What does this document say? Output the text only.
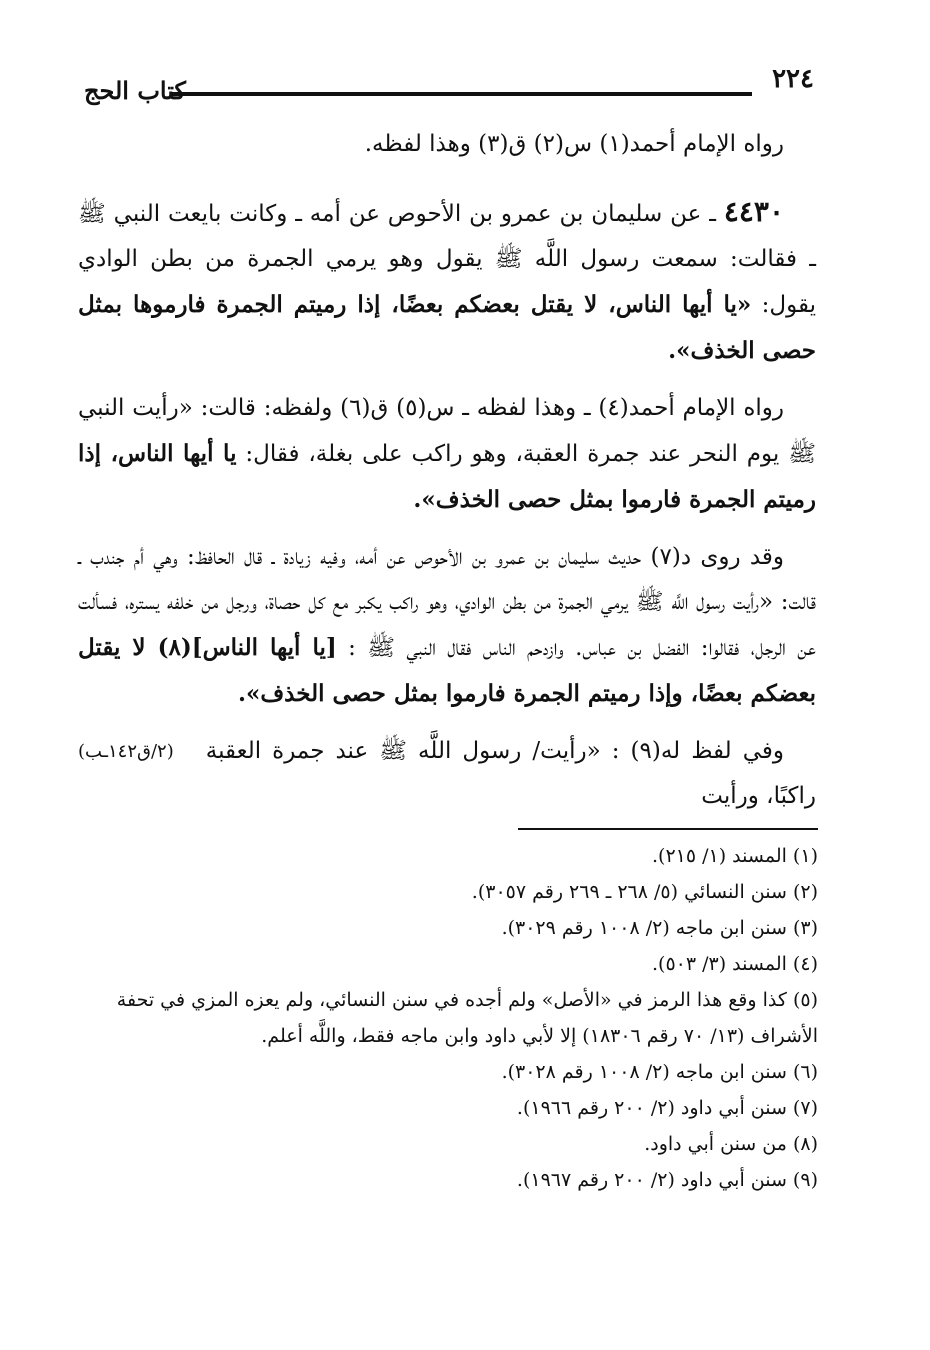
٢٢٤
كتاب الحج

رواه الإمام أحمد(١) س(٢) ق(٣) وهذا لفظه.

٤٤٣٠ ـ عن سليمان بن عمرو بن الأحوص عن أمه ـ وكانت بايعت النبي ﷺ ـ فقالت: سمعت رسول اللَّه ﷺ يقول وهو يرمي الجمرة من بطن الوادي يقول: «يا أيها الناس، لا يقتل بعضكم بعضًا، إذا رميتم الجمرة فارموها بمثل حصى الخذف».

رواه الإمام أحمد(٤) ـ وهذا لفظه ـ س(٥) ق(٦) ولفظه: قالت: «رأيت النبي ﷺ يوم النحر عند جمرة العقبة، وهو راكب على بغلة، فقال: يا أيها الناس، إذا رميتم الجمرة فارموا بمثل حصى الخذف».

وقد روى د(٧) حديث سليمان بن عمرو بن الأحوص عن أمه، وفيه زيادة ـ قال الحافظ: وهي أم جندب ـ قالت: «رأيت رسول اللَّه ﷺ يرمي الجمرة من بطن الوادي، وهو راكب يكبر مع كل حصاة، ورجل من خلفه يستره، فسألت عن الرجل، فقالوا: الفضل بن عباس. وازدحم الناس فقال النبي ﷺ : [يا أيها الناس](٨) لا يقتل بعضكم بعضًا، وإذا رميتم الجمرة فارموا بمثل حصى الخذف».

(٢/ق١٤٢ـب)	وفي لفظ له(٩) : «رأيت/ رسول اللَّه ﷺ عند جمرة العقبة راكبًا، ورأيت

(١) المسند (١/ ٢١٥).

(٢) سنن النسائي (٥/ ٢٦٨ ـ ٢٦٩ رقم ٣٠٥٧).

(٣) سنن ابن ماجه (٢/ ١٠٠٨ رقم ٣٠٢٩).

(٤) المسند (٣/ ٥٠٣).

(٥) كذا وقع هذا الرمز في «الأصل» ولم أجده في سنن النسائي، ولم يعزه المزي في تحفة الأشراف (١٣/ ٧٠ رقم ١٨٣٠٦) إلا لأبي داود وابن ماجه فقط، واللَّه أعلم.

(٦) سنن ابن ماجه (٢/ ١٠٠٨ رقم ٣٠٢٨).

(٧) سنن أبي داود (٢/ ٢٠٠ رقم ١٩٦٦).

(٨) من سنن أبي داود.

(٩) سنن أبي داود (٢/ ٢٠٠ رقم ١٩٦٧).
